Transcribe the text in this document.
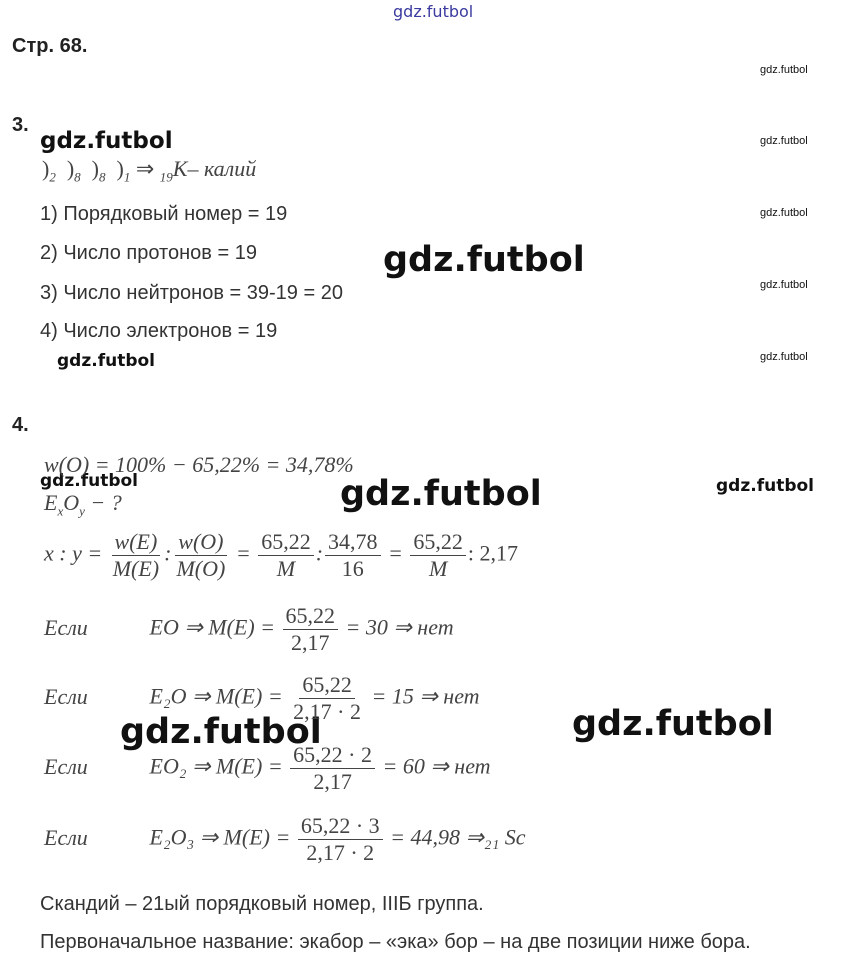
gdz.futbol
gdz.futbol
gdz.futbol
gdz.futbol
gdz.futbol
gdz.futbol
gdz.futbol
gdz.futbol
gdz.futbol
gdz.futbol	gdz.futbol	gdz.futbol
gdz.futbol	gdz.futbol
Стр. 68.
3.
)$_2$ )$_8$ )$_8$ )$_1$ ⇒ $_{19}$K– калий
1) Порядковый номер = 19
2) Число протонов = 19
3) Число нейтронов = 39-19 = 20
4) Число электронов = 19
4.
w(O) = 100% − 65,22% = 34,78%
$E_xO_y$ − ?
x : $y = \frac{w(E)}{M(E)}$ : $\frac{w(O)}{M(O)} = \frac{65,22}{M}$ : $\frac{34,78}{16} = \frac{65,22}{M}$ : 2,17
Если	EO ⇒ $M(E) = \frac{65,22}{2,17} = 30$ ⇒ нет
Если	E₂O ⇒ $M(E) = \frac{65,22}{2,17 \cdot 2} = 15$ ⇒ нет
Если	EO₂ ⇒ $M(E) = \frac{65,22 \cdot 2}{2,17} = 60$ ⇒ нет
Если	E₂O₃ ⇒ $M(E) = \frac{65,22 \cdot 3}{2,17 \cdot 2} = 44,98$ ⇒₂₁ Sc
Скандий – 21ый порядковый номер, IIIБ группа.
Первоначальное название: экабор – «эка» бор – на две позиции ниже бора.
